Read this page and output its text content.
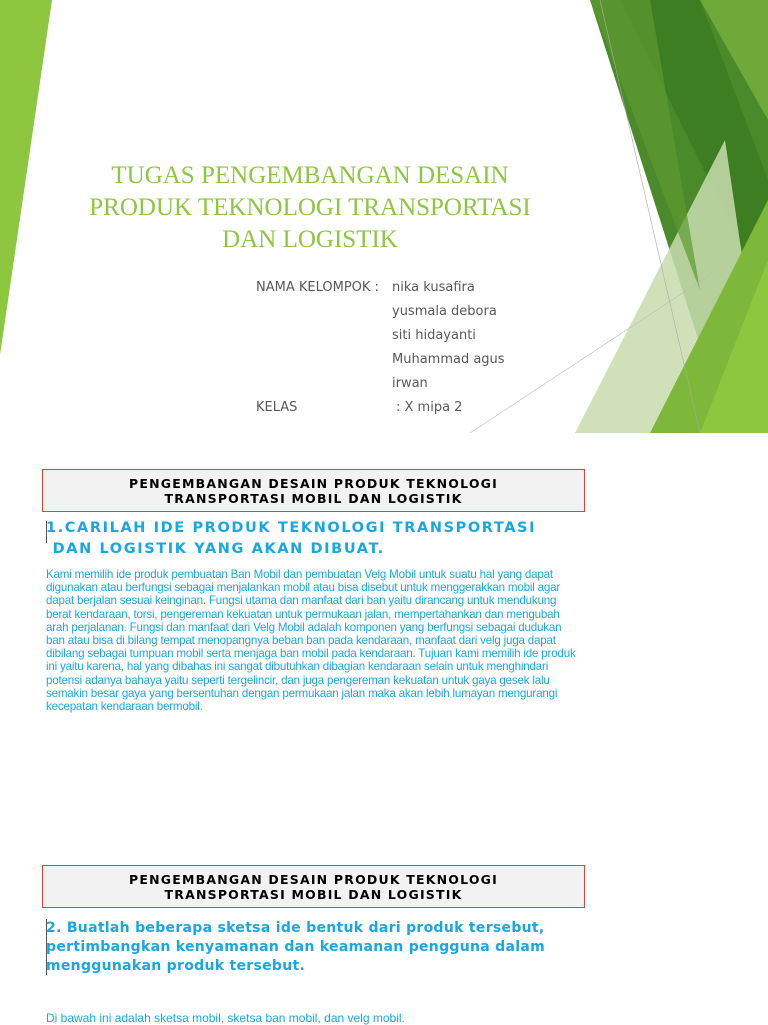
TUGAS PENGEMBANGAN DESAIN
PRODUK TEKNOLOGI TRANSPORTASI
DAN LOGISTIK
NAMA KELOMPOK : nika kusafira
yusmala debora
siti hidayanti
Muhammad agus
irwan
KELAS	: X mipa 2
PENGEMBANGAN DESAIN PRODUK TEKNOLOGI
TRANSPORTASI MOBIL DAN LOGISTIK
1.CARILAH IDE PRODUK TEKNOLOGI TRANSPORTASI
DAN LOGISTIK YANG AKAN DIBUAT.
Kami memilih ide produk pembuatan Ban Mobil dan pembuatan Velg Mobil untuk suatu hal yang dapat digunakan atau berfungsi sebagai menjalankan mobil atau bisa disebut untuk menggerakkan mobil agar dapat berjalan sesuai keinginan. Fungsi utama dan manfaat dari ban yaitu dirancang untuk mendukung berat kendaraan, torsi, pengereman kekuatan untuk permukaan jalan, mempertahankan dan mengubah arah perjalanan. Fungsi dan manfaat dari Velg Mobil adalah komponen yang berfungsi sebagai dudukan ban atau bisa di bilang tempat menopangnya beban ban pada kendaraan, manfaat dari velg juga dapat dibilang sebagai tumpuan mobil serta menjaga ban mobil pada kendaraan. Tujuan kami memilih ide produk ini yaitu karena, hal yang dibahas ini sangat dibutuhkan dibagian kendaraan selain untuk menghindari potensi adanya bahaya yaitu seperti tergelincir, dan juga pengereman kekuatan untuk gaya gesek lalu semakin besar gaya yang bersentuhan dengan permukaan jalan maka akan lebih lumayan mengurangi kecepatan kendaraan bermobil.
PENGEMBANGAN DESAIN PRODUK TEKNOLOGI
TRANSPORTASI MOBIL DAN LOGISTIK
2. Buatlah beberapa sketsa ide bentuk dari produk tersebut,
pertimbangkan kenyamanan dan keamanan pengguna dalam
menggunakan produk tersebut.
Di bawah ini adalah sketsa mobil, sketsa ban mobil, dan velg mobil.
